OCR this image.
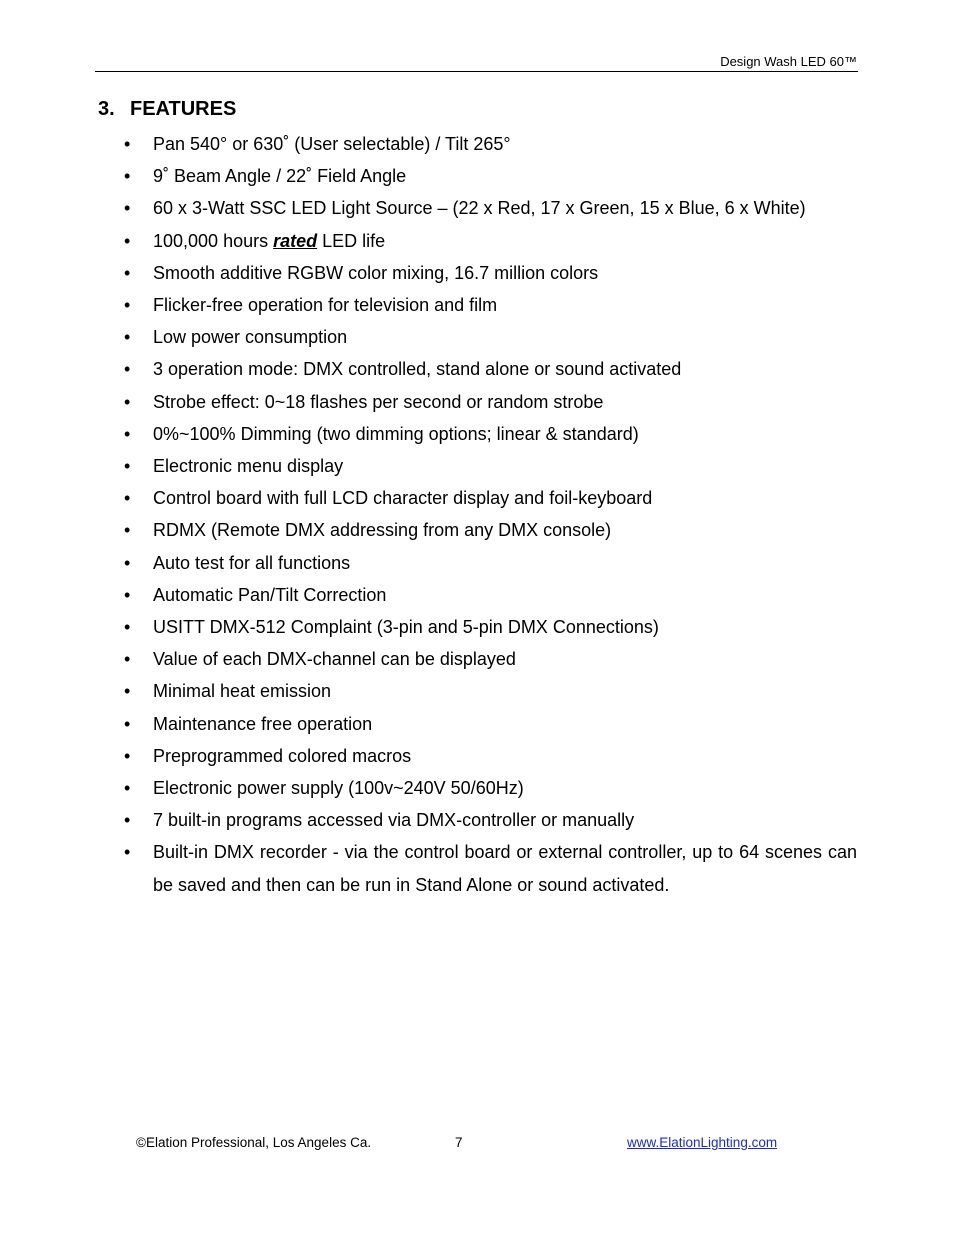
Design Wash LED 60™
3. FEATURES
• Pan 540° or 630˚ (User selectable) / Tilt 265°
• 9˚ Beam Angle / 22˚ Field Angle
• 60 x 3-Watt SSC LED Light Source – (22 x Red, 17 x Green, 15 x Blue, 6 x White)
• 100,000 hours rated LED life
• Smooth additive RGBW color mixing, 16.7 million colors
• Flicker-free operation for television and film
• Low power consumption
• 3 operation mode: DMX controlled, stand alone or sound activated
• Strobe effect: 0~18 flashes per second or random strobe
• 0%~100% Dimming (two dimming options; linear & standard)
• Electronic menu display
• Control board with full LCD character display and foil-keyboard
• RDMX (Remote DMX addressing from any DMX console)
• Auto test for all functions
• Automatic Pan/Tilt Correction
• USITT DMX-512 Complaint (3-pin and 5-pin DMX Connections)
• Value of each DMX-channel can be displayed
• Minimal heat emission
• Maintenance free operation
• Preprogrammed colored macros
• Electronic power supply (100v~240V 50/60Hz)
• 7 built-in programs accessed via DMX-controller or manually
• Built-in DMX recorder - via the control board or external controller, up to 64 scenes can be saved and then can be run in Stand Alone or sound activated.
©Elation Professional, Los Angeles Ca.	7	www.ElationLighting.com
